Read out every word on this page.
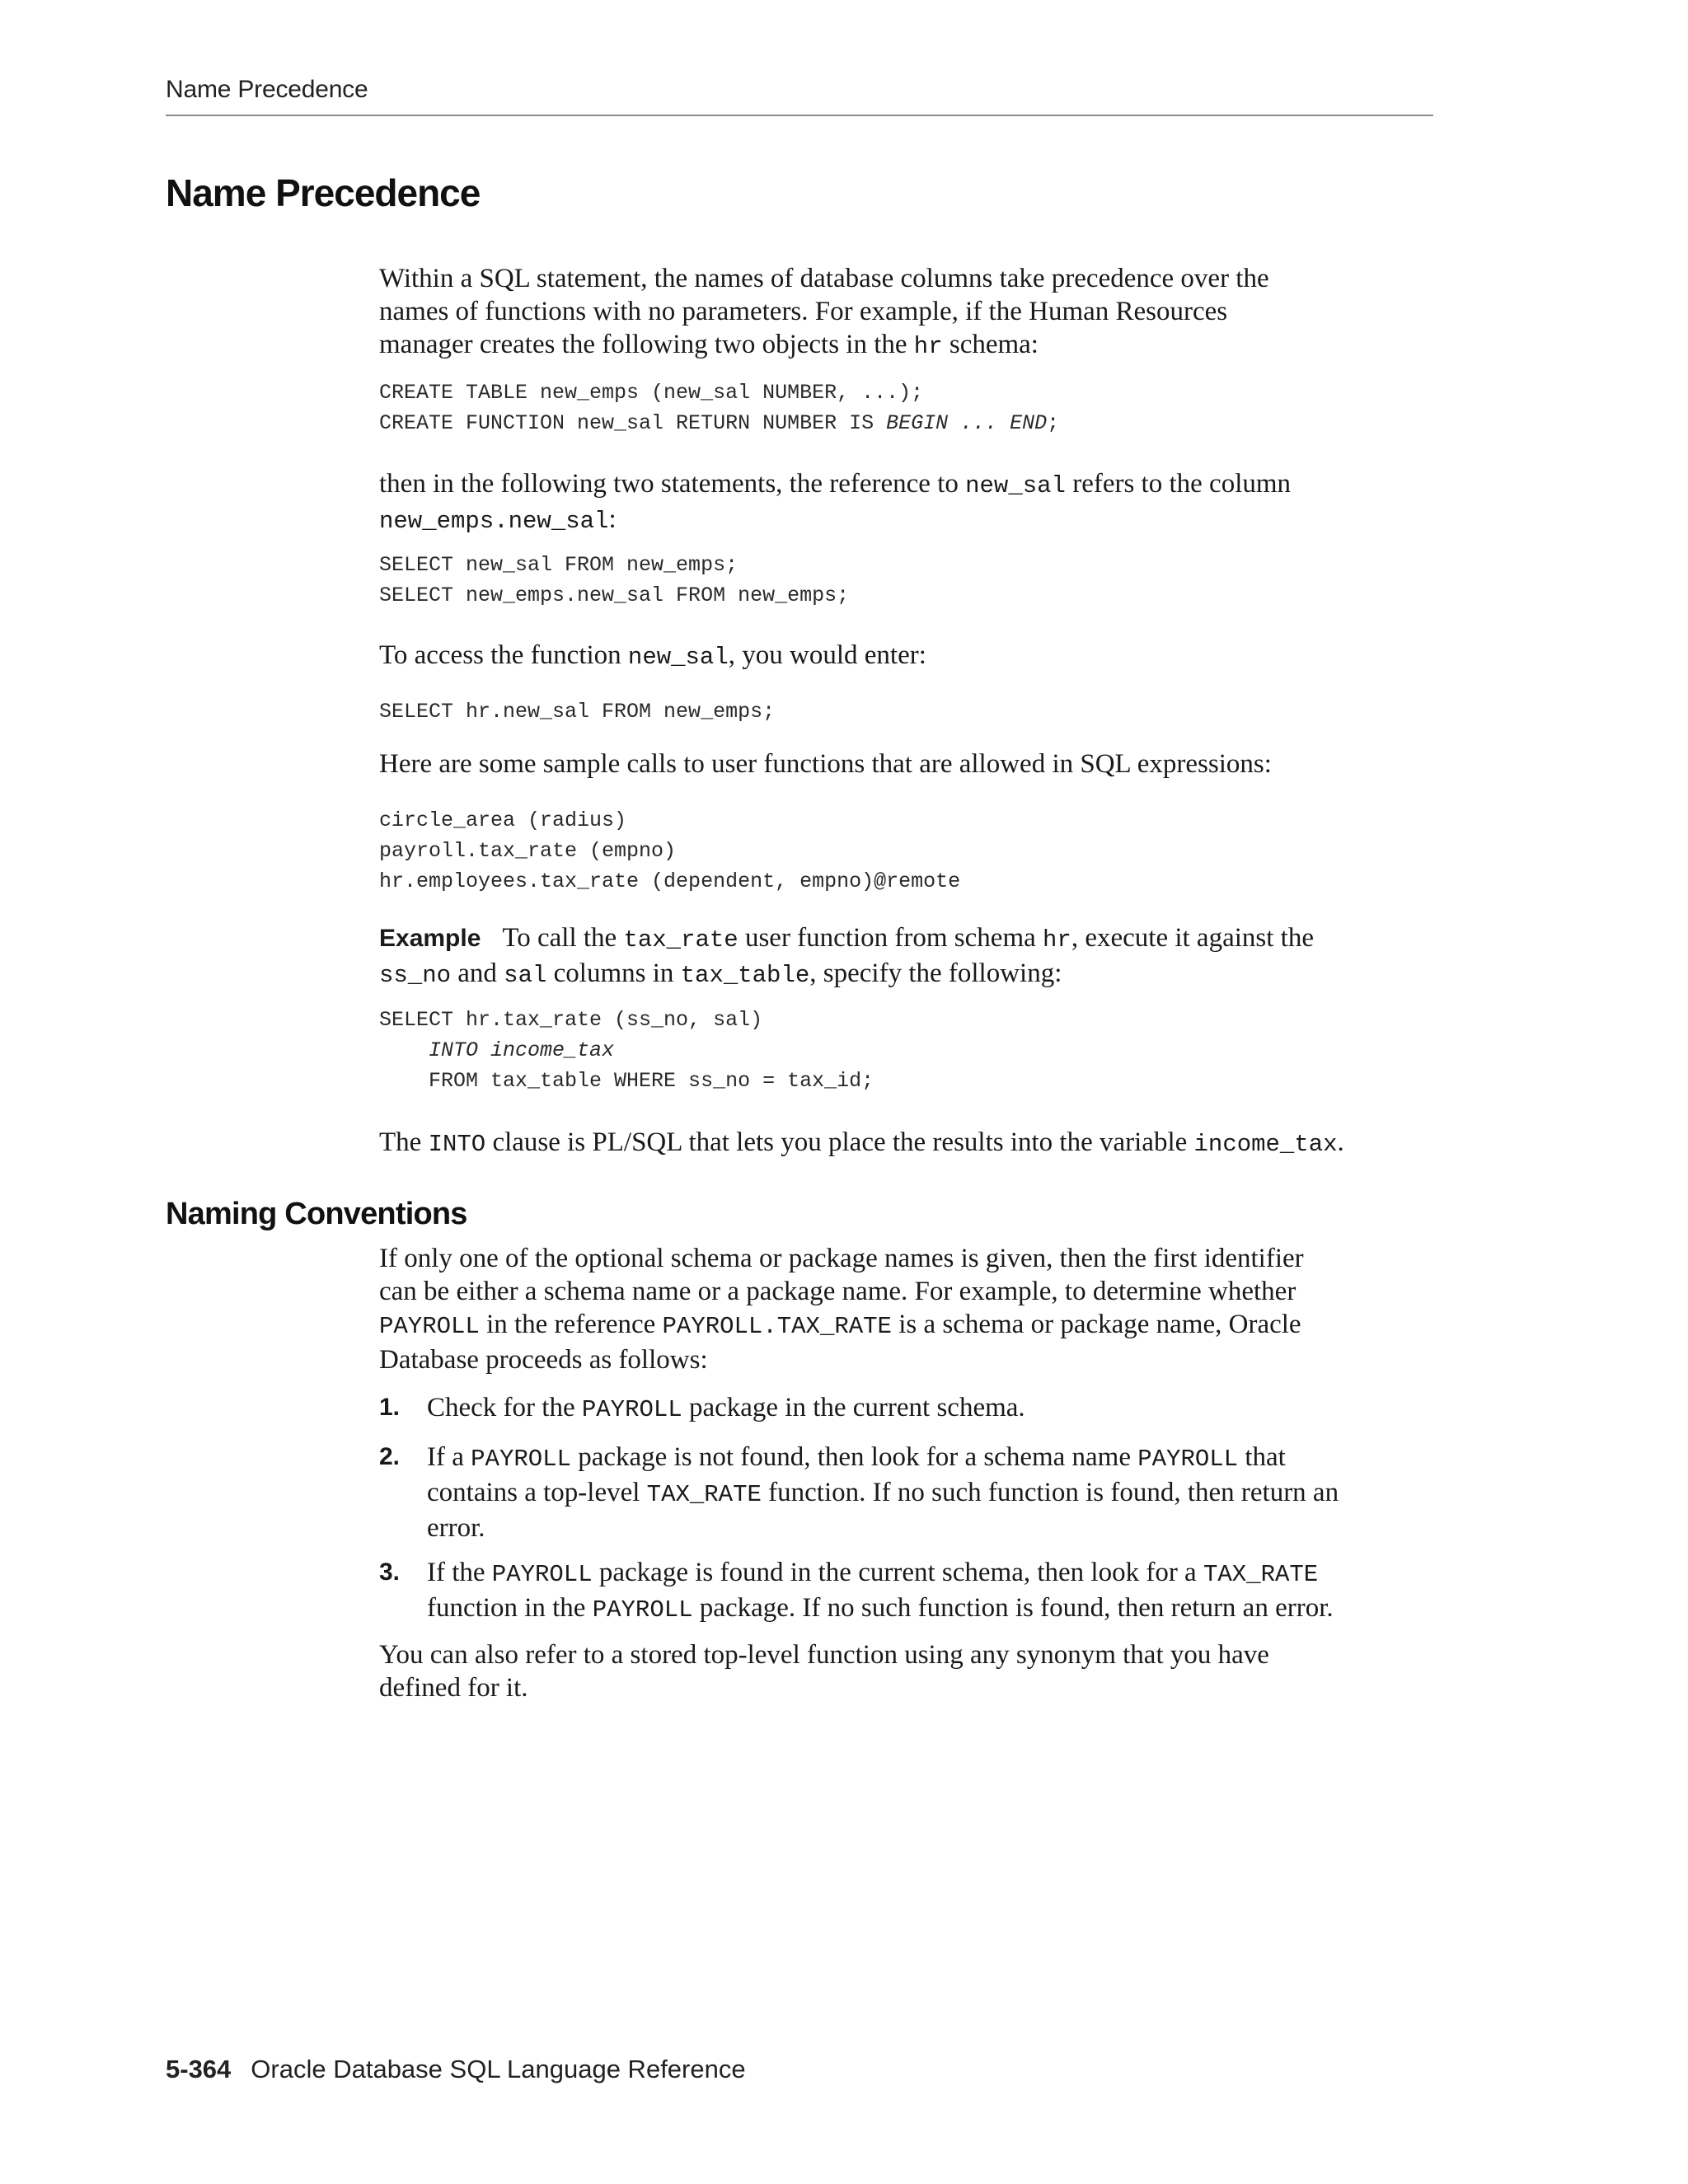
Name Precedence
Name Precedence

Within a SQL statement, the names of database columns take precedence over the
names of functions with no parameters. For example, if the Human Resources
manager creates the following two objects in the hr schema:

CREATE TABLE new_emps (new_sal NUMBER, ...);
CREATE FUNCTION new_sal RETURN NUMBER IS BEGIN ... END;

then in the following two statements, the reference to new_sal refers to the column
new_emps.new_sal:

SELECT new_sal FROM new_emps;
SELECT new_emps.new_sal FROM new_emps;

To access the function new_sal, you would enter:

SELECT hr.new_sal FROM new_emps;

Here are some sample calls to user functions that are allowed in SQL expressions:

circle_area (radius)
payroll.tax_rate (empno)
hr.employees.tax_rate (dependent, empno)@remote

Example To call the tax_rate user function from schema hr, execute it against the
ss_no and sal columns in tax_table, specify the following:

SELECT hr.tax_rate (ss_no, sal)
INTO income_tax
FROM tax_table WHERE ss_no = tax_id;

The INTO clause is PL/SQL that lets you place the results into the variable income_tax.

Naming Conventions

If only one of the optional schema or package names is given, then the first identifier
can be either a schema name or a package name. For example, to determine whether
PAYROLL in the reference PAYROLL.TAX_RATE is a schema or package name, Oracle
Database proceeds as follows:

1. Check for the PAYROLL package in the current schema.

2. If a PAYROLL package is not found, then look for a schema name PAYROLL that
contains a top-level TAX_RATE function. If no such function is found, then return an
error.

3. If the PAYROLL package is found in the current schema, then look for a TAX_RATE
function in the PAYROLL package. If no such function is found, then return an error.

You can also refer to a stored top-level function using any synonym that you have
defined for it.

5-364 Oracle Database SQL Language Reference
